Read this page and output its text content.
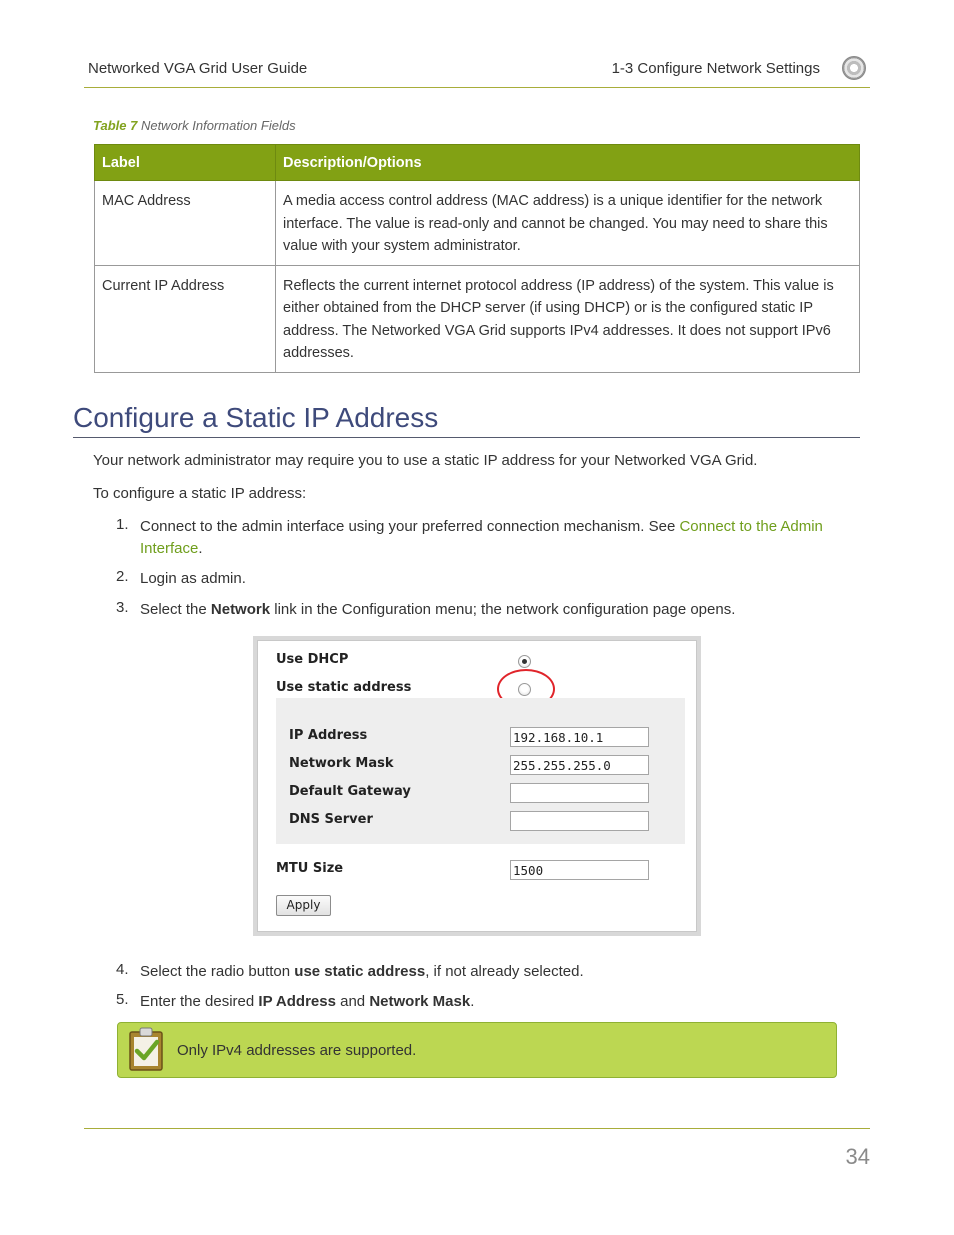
Networked VGA Grid User Guide	1-3 Configure Network Settings
Table 7 Network Information Fields
Label	Description/Options
MAC Address	A media access control address (MAC address) is a unique identifier for the network interface. The value is read-only and cannot be changed. You may need to share this value with your system administrator.
Current IP Address	Reflects the current internet protocol address (IP address) of the system. This value is either obtained from the DHCP server (if using DHCP) or is the configured static IP address. The Networked VGA Grid supports IPv4 addresses. It does not support IPv6 addresses.
Configure a Static IP Address
Your network administrator may require you to use a static IP address for your Networked VGA Grid.
To configure a static IP address:
1. Connect to the admin interface using your preferred connection mechanism. See Connect to the Admin Interface.
2. Login as admin.
3. Select the Network link in the Configuration menu; the network configuration page opens.
Use DHCP
Use static address
IP Address	192.168.10.1
Network Mask	255.255.255.0
Default Gateway
DNS Server
MTU Size	1500
Apply
4. Select the radio button use static address, if not already selected.
5. Enter the desired IP Address and Network Mask.
Only IPv4 addresses are supported.
34
